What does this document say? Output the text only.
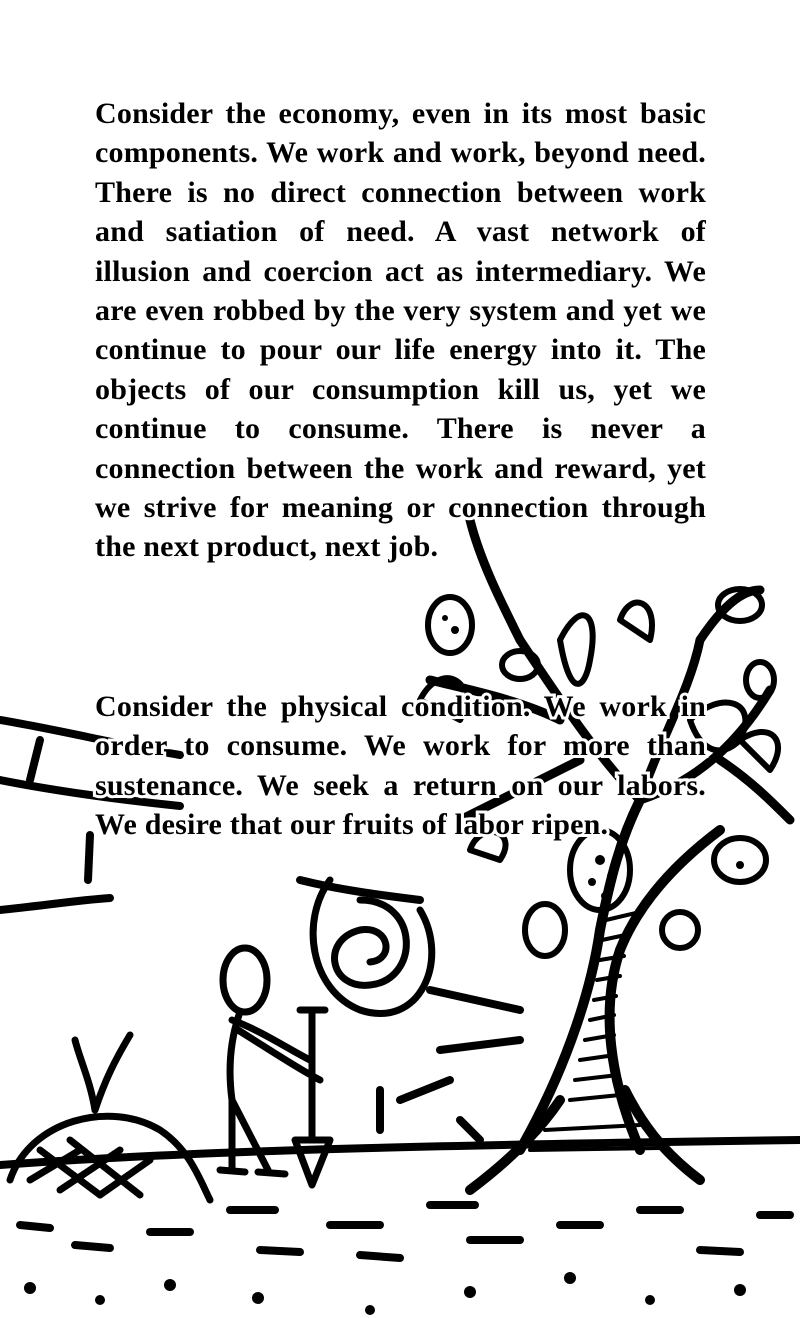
Consider the economy, even in its most basic components. We work and work, beyond need. There is no direct connection between work and satiation of need. A vast network of illusion and coercion act as intermediary. We are even robbed by the very system and yet we continue to pour our life energy into it. The objects of our consumption kill us, yet we continue to consume. There is never a connection between the work and reward, yet we strive for meaning or connection through the next product, next job.
Consider the physical condition. We work in order to consume. We work for more than sustenance. We seek a return on our labors. We desire that our fruits of labor ripen.
